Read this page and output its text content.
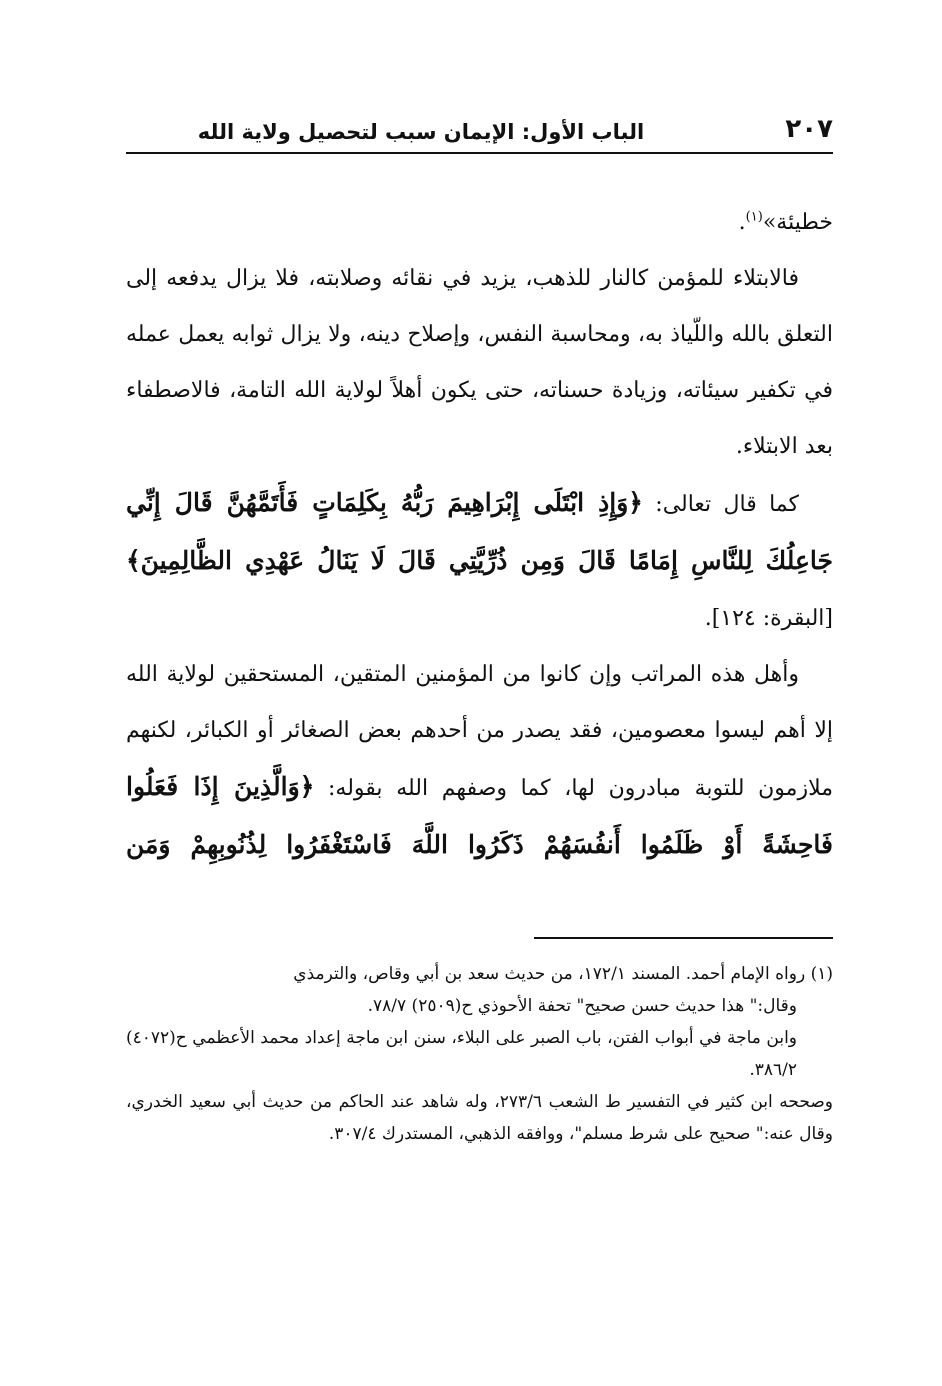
٢٠٧
الباب الأول: الإيمان سبب لتحصيل ولاية الله

خطيئة»$^{(١)}$.

فالابتلاء للمؤمن كالنار للذهب، يزيد في نقائه وصلابته، فلا يزال يدفعه إلى التعلق بالله واللّياذ به، ومحاسبة النفس، وإصلاح دينه، ولا يزال ثوابه يعمل عمله في تكفير سيئاته، وزيادة حسناته، حتى يكون أهلاً لولاية الله التامة، فالاصطفاء بعد الابتلاء.

كما قال تعالى: ﴿وَإِذِ ابْتَلَى إِبْرَاهِيمَ رَبُّهُ بِكَلِمَاتٍ فَأَتَمَّهُنَّ قَالَ إِنِّي جَاعِلُكَ لِلنَّاسِ إِمَامًا قَالَ وَمِن ذُرِّيَّتِي قَالَ لَا يَنَالُ عَهْدِي الظَّالِمِينَ﴾ [البقرة: ١٢٤].

وأهل هذه المراتب وإن كانوا من المؤمنين المتقين، المستحقين لولاية الله إلا أهم ليسوا معصومين، فقد يصدر من أحدهم بعض الصغائر أو الكبائر، لكنهم ملازمون للتوبة مبادرون لها، كما وصفهم الله بقوله: ﴿وَالَّذِينَ إِذَا فَعَلُوا فَاحِشَةً أَوْ ظَلَمُوا أَنفُسَهُمْ ذَكَرُوا اللَّهَ فَاسْتَغْفَرُوا لِذُنُوبِهِمْ وَمَن

(١) رواه الإمام أحمد. المسند ١٧٢/١، من حديث سعد بن أبي وقاص، والترمذي

وقال:" هذا حديث حسن صحيح" تحفة الأحوذي ح(٢٥٠٩) ٧٨/٧.

وابن ماجة في أبواب الفتن، باب الصبر على البلاء، سنن ابن ماجة إعداد محمد الأعظمي ح(٤٠٧٢) ٣٨٦/٢.

وصححه ابن كثير في التفسير ط الشعب ٢٧٣/٦، وله شاهد عند الحاكم من حديث أبي سعيد الخدري، وقال عنه:" صحيح على شرط مسلم"، ووافقه الذهبي، المستدرك ٣٠٧/٤.
